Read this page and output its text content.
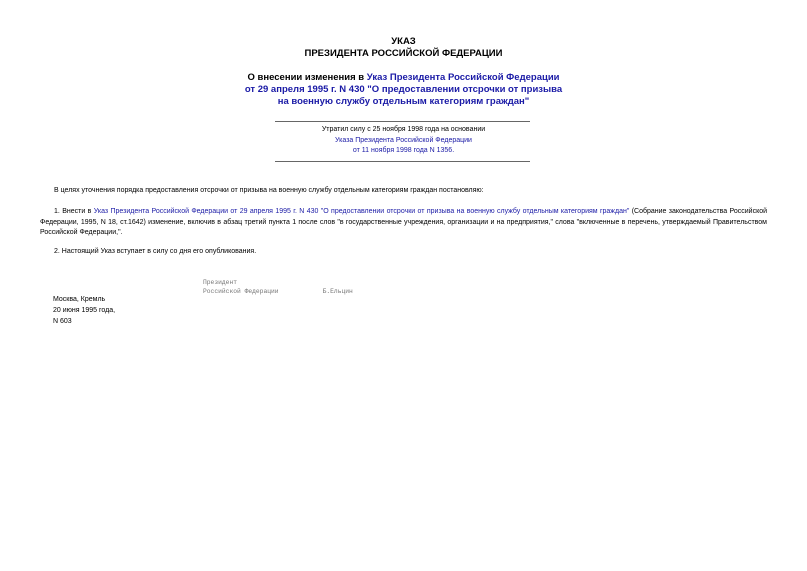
УКАЗ
ПРЕЗИДЕНТА РОССИЙСКОЙ ФЕДЕРАЦИИ
О внесении изменения в Указ Президента Российской Федерации
от 29 апреля 1995 г. N 430 "О предоставлении отсрочки от призыва
на военную службу отдельным категориям граждан"
Утратил силу с 25 ноября 1998 года на основании
Указа Президента Российской Федерации
от 11 ноября 1998 года N 1356.
В целях уточнения порядка предоставления отсрочки от призыва на военную службу отдельным категориям граждан постановляю:
1. Внести в Указ Президента Российской Федерации от 29 апреля 1995 г. N 430 "О предоставлении отсрочки от призыва на военную службу отдельным категориям граждан" (Собрание законодательства Российской Федерации, 1995, N 18, ст.1642) изменение, включив в абзац третий пункта 1 после слов "в государственные учреждения, организации и на предприятия," слова "включенные в перечень, утверждаемый Правительством Российской Федерации,".
2. Настоящий Указ вступает в силу со дня его опубликования.
Президент
Российской Федерации	Б.Ельцин
Москва, Кремль
20 июня 1995 года,
N 603
